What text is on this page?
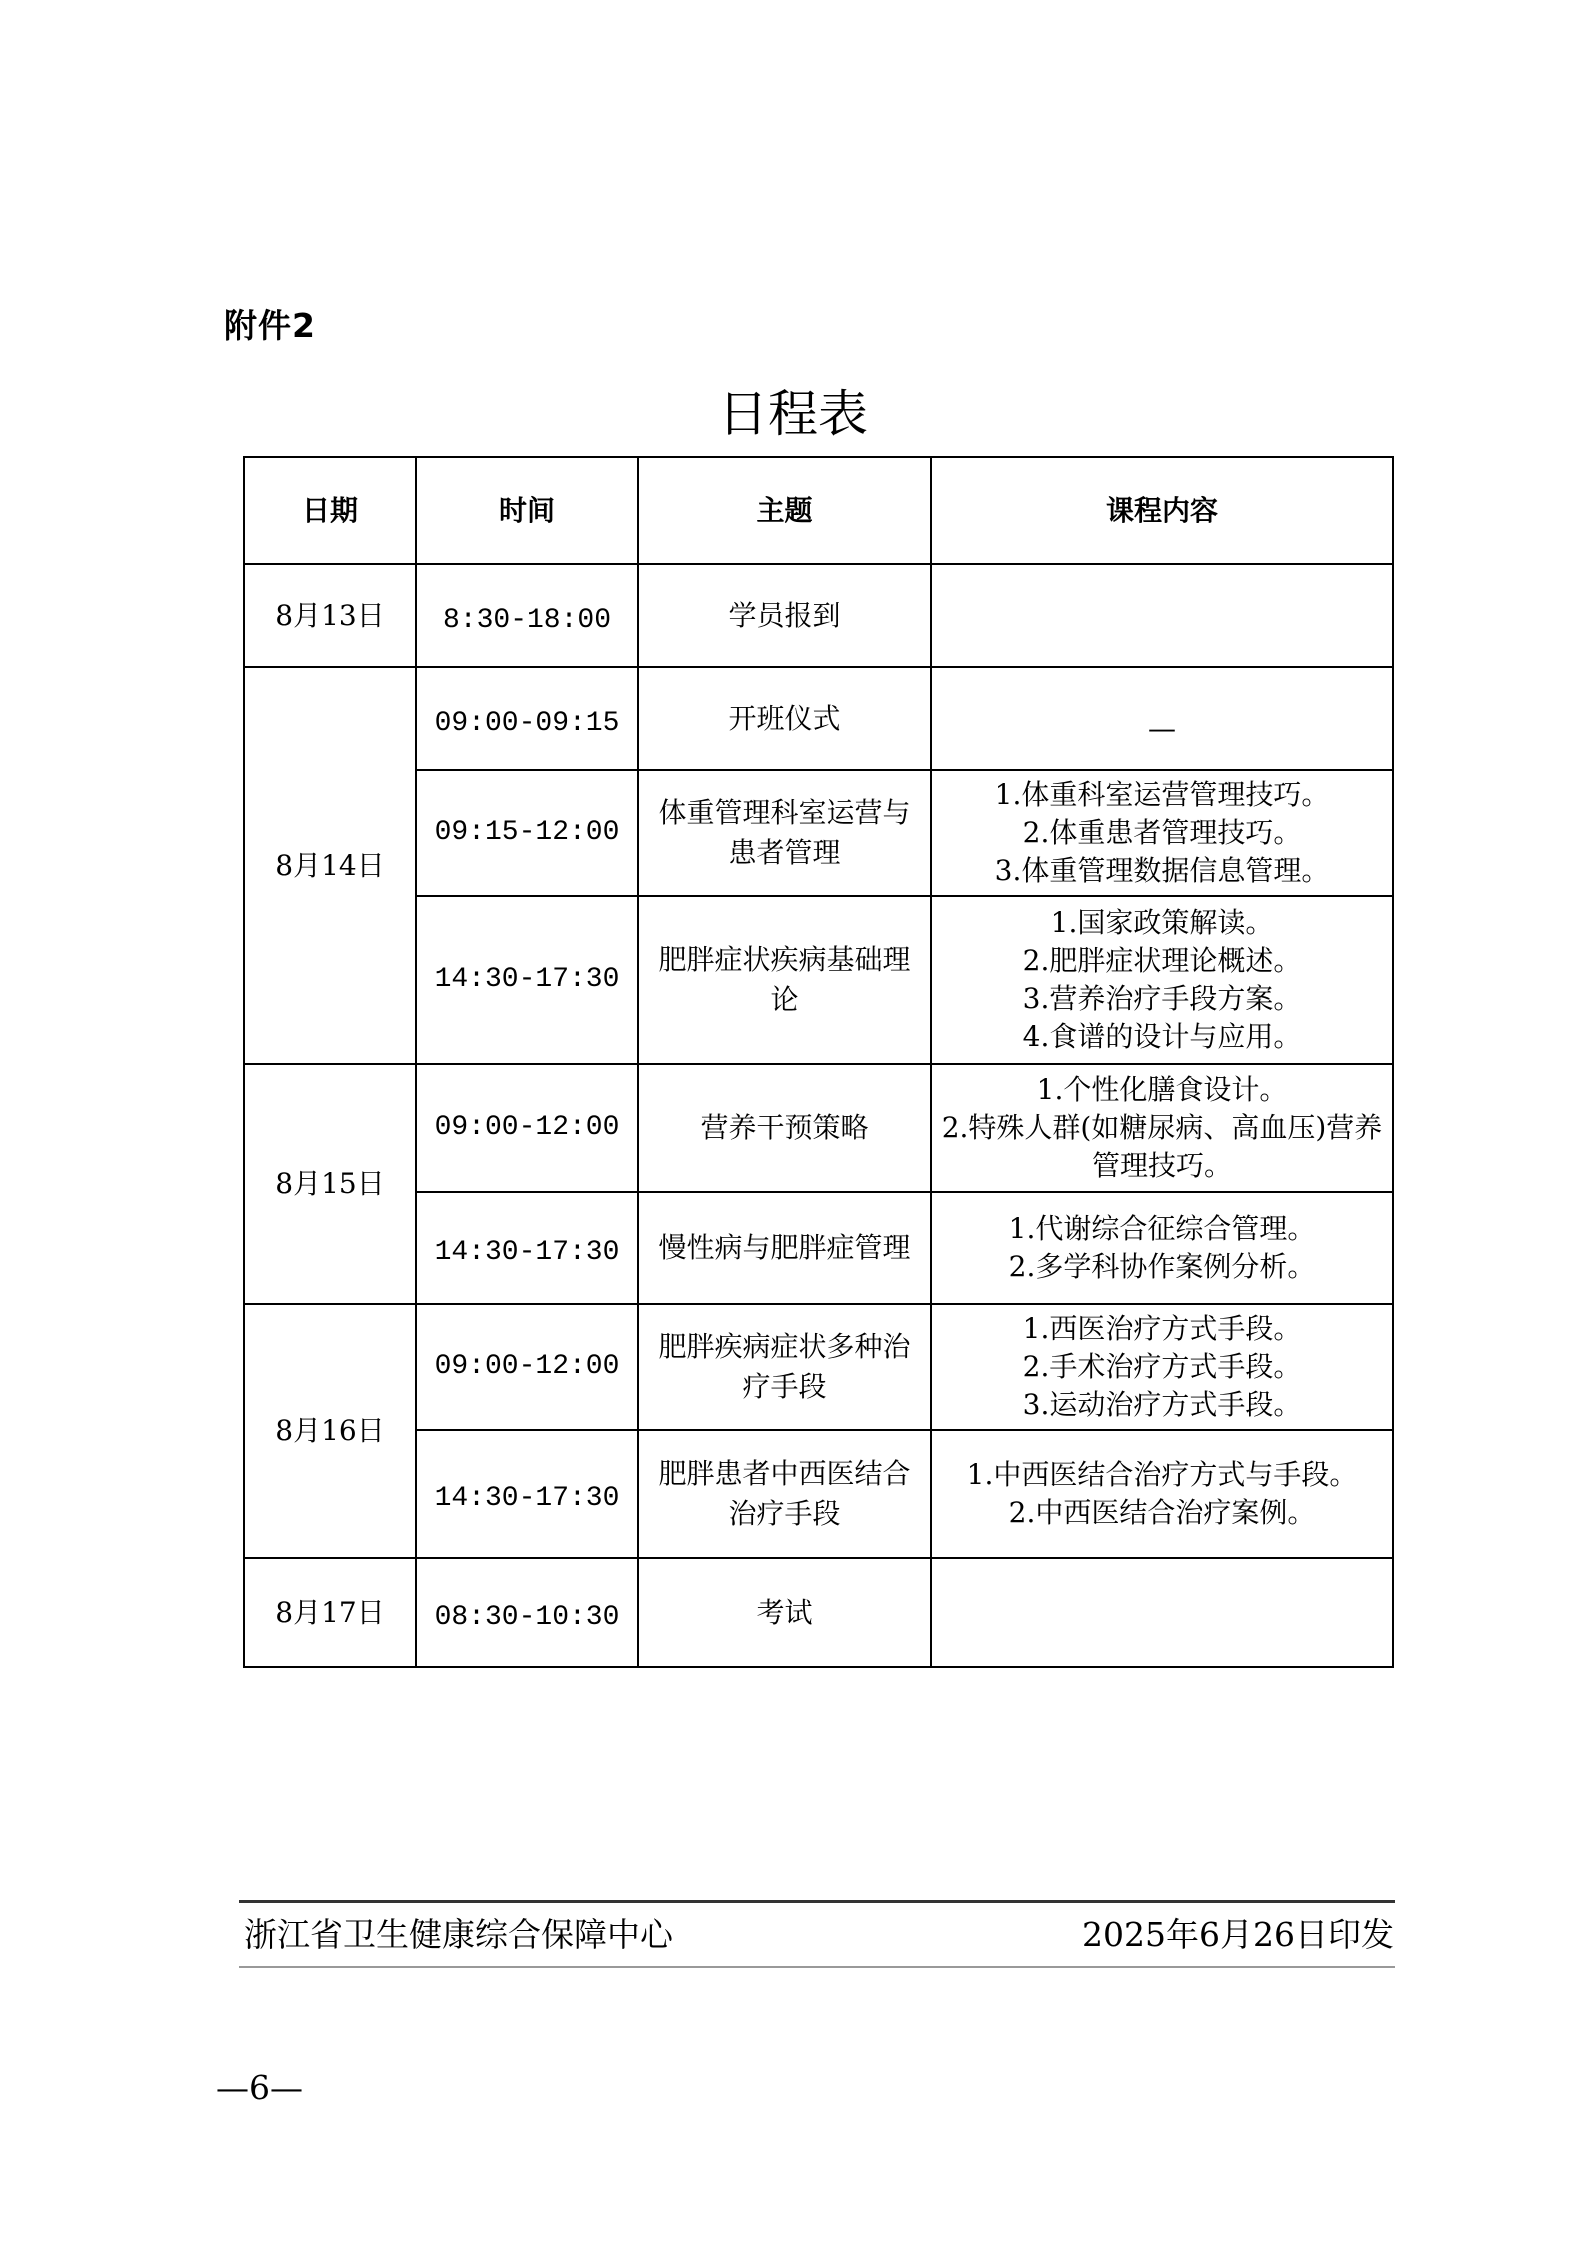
附件2
日程表
日期	时间	主题	课程内容
8月13日	8:30-18:00	学员报到	
8月14日	09:00-09:15	开班仪式	—
	09:15-12:00	体重管理科室运营与患者管理	1.体重科室运营管理技巧。
2.体重患者管理技巧。
3.体重管理数据信息管理。

	14:30-17:30	肥胖症状疾病基础理论	1.国家政策解读。
2.肥胖症状理论概述。
3.营养治疗手段方案。
4.食谱的设计与应用。

8月15日	09:00-12:00	营养干预策略	1.个性化膳食设计。
2.特殊人群(如糖尿病、高血压)营养管理技巧。

	14:30-17:30	慢性病与肥胖症管理	1.代谢综合征综合管理。
2.多学科协作案例分析。

8月16日	09:00-12:00	肥胖疾病症状多种治疗手段	1.西医治疗方式手段。
2.手术治疗方式手段。
3.运动治疗方式手段。

	14:30-17:30	肥胖患者中西医结合治疗手段	1.中西医结合治疗方式与手段。
2.中西医结合治疗案例。

8月17日	08:30-10:30	考试	
浙江省卫生健康综合保障中心	2025年6月26日印发
—6—
